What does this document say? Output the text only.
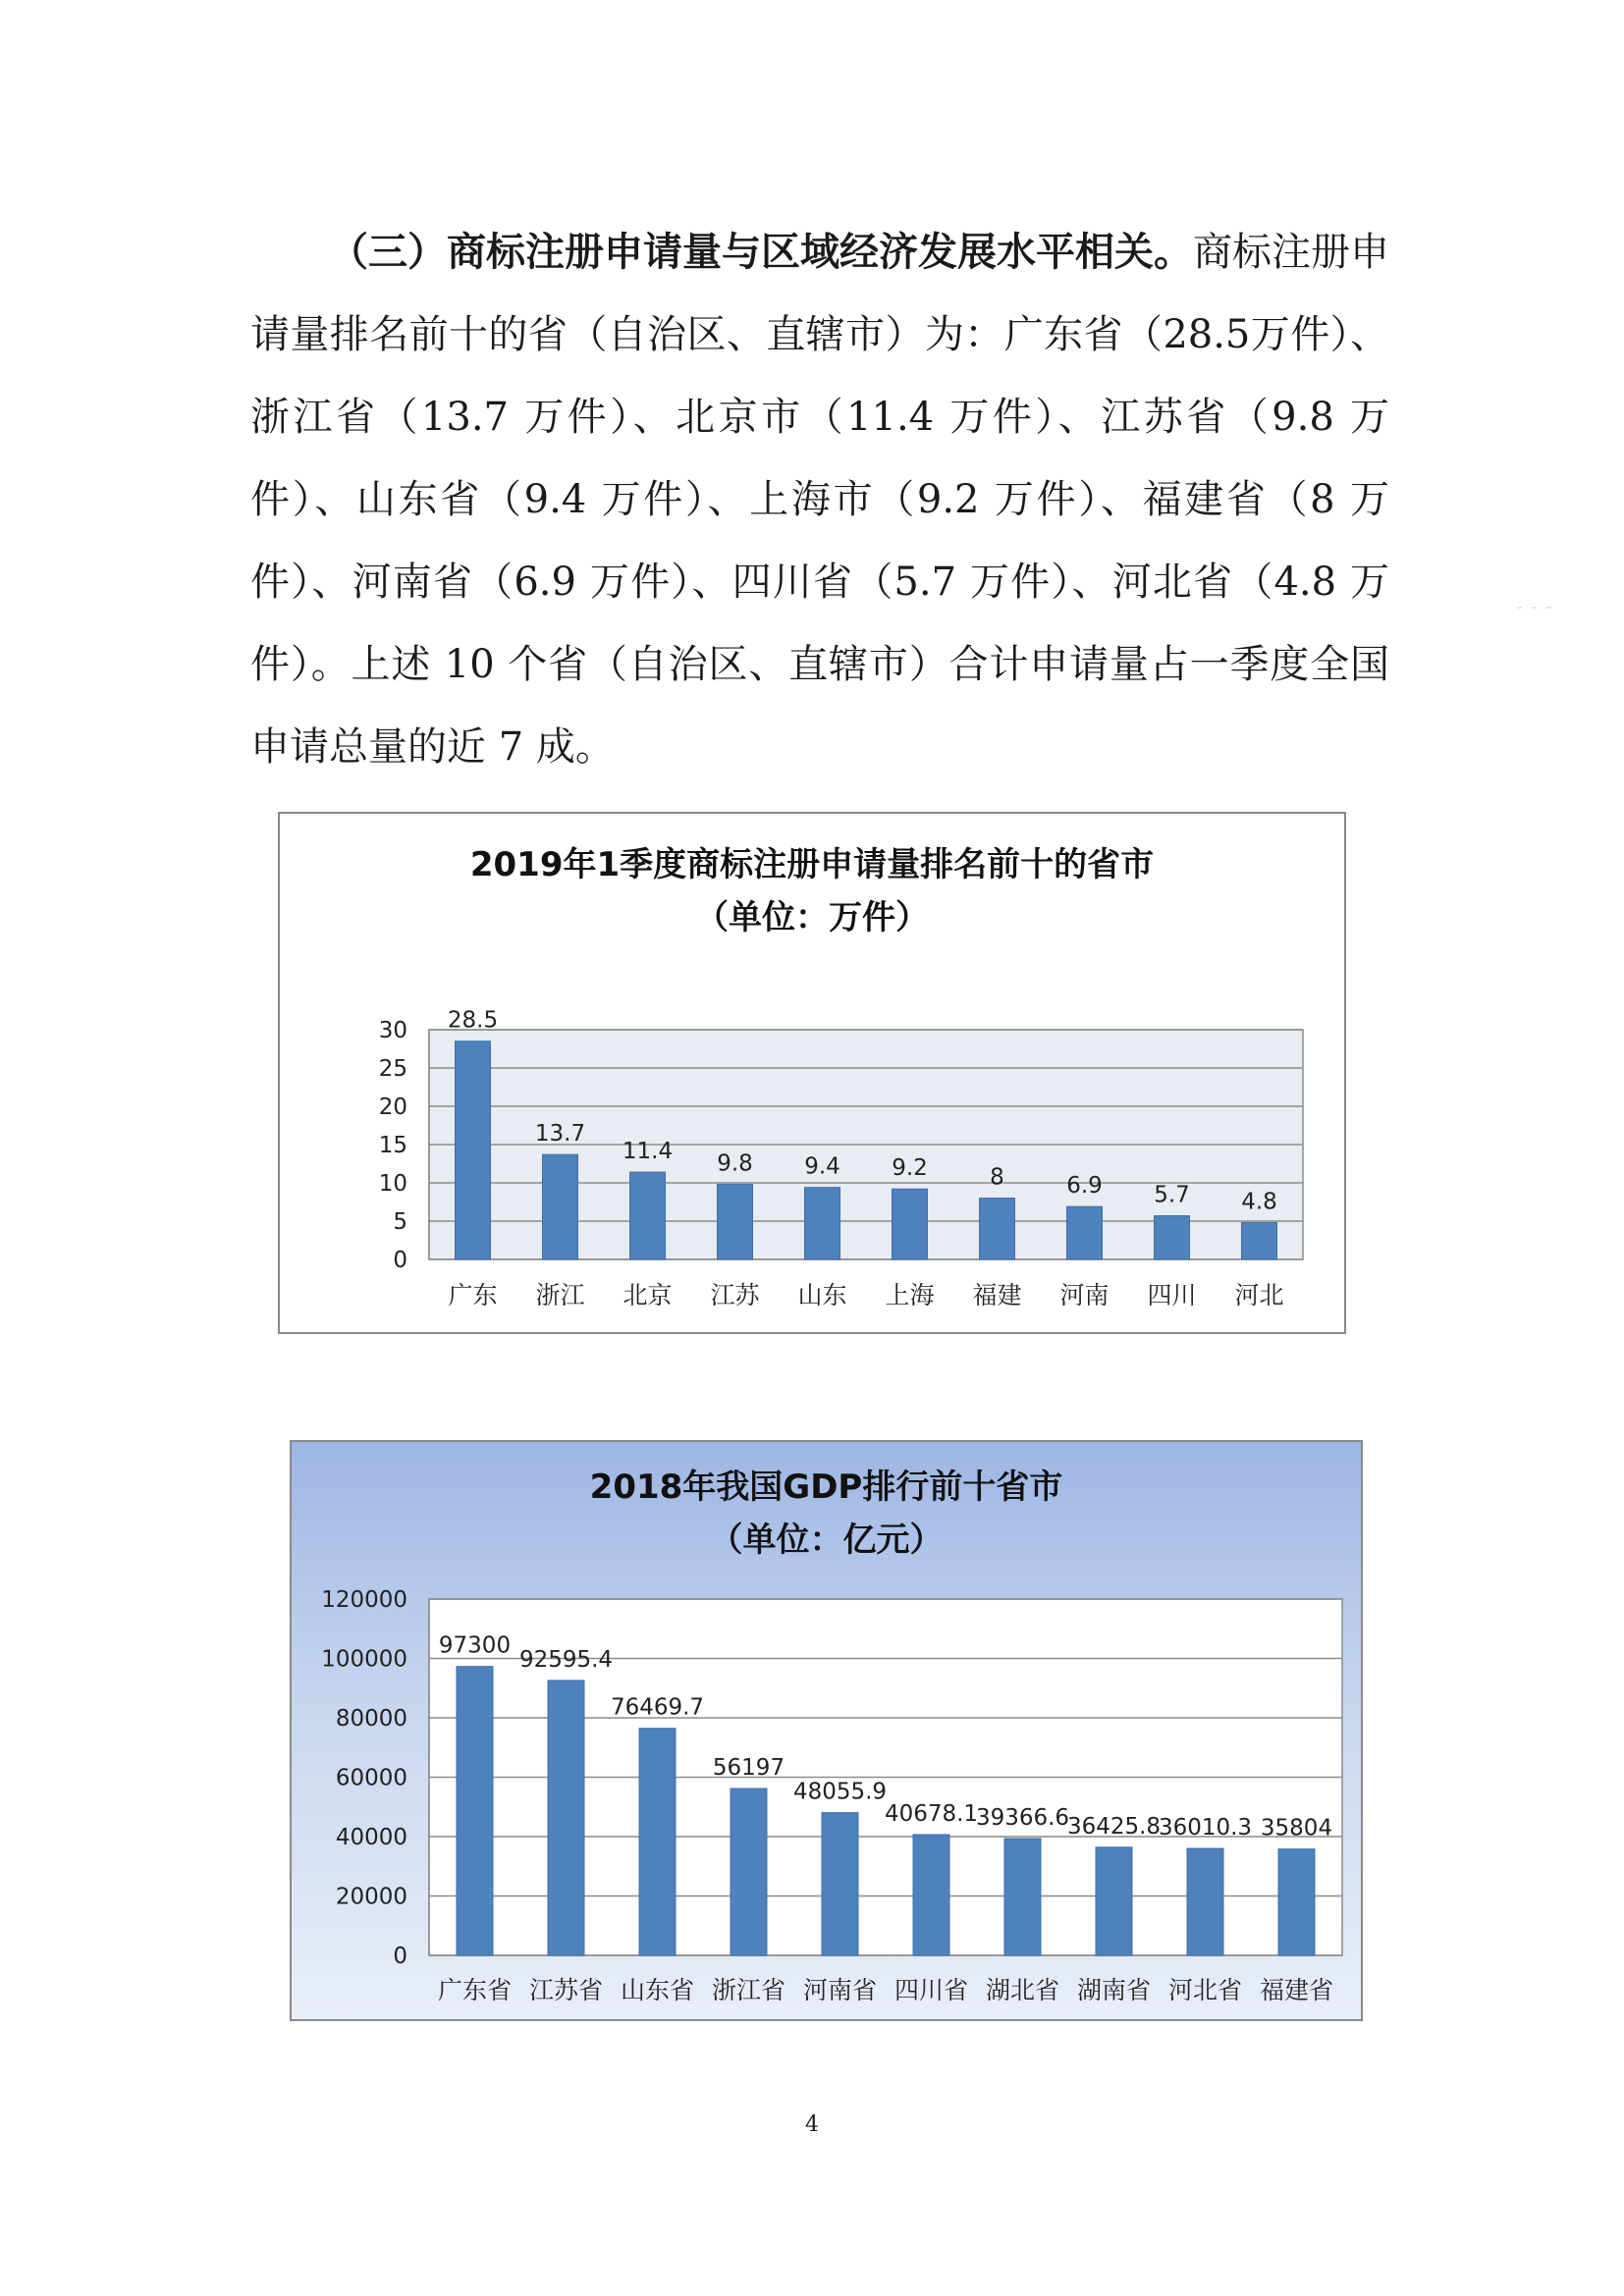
（三）商标注册申请量与区域经济发展水平相关。商标注册申请量排名前十的省（自治区、直辖市）为：广东省（28.5万件）、浙江省（13.7 万件）、北京市（11.4 万件）、江苏省（9.8 万件）、山东省（9.4 万件）、上海市（9.2 万件）、福建省（8 万件）、河南省（6.9 万件）、四川省（5.7 万件）、河北省（4.8 万件）。上述 10 个省（自治区、直辖市）合计申请量占一季度全国申请总量的近 7 成。

2019年1季度商标注册申请量排名前十的省市
（单位：万件）
0
5
10
15
20
25
30 28.5
广东
13.7
浙江
11.4
北京
9.8
江苏
9.4
山东
9.2
上海
8
福建
6.9
河南
5.7
四川
4.8
河北
2018年我国GDP排行前十省市
（单位：亿元）
0
20000
40000
60000
80000
100000
120000
97300
广东省
92595.4
江苏省
76469.7
山东省
56197
浙江省
48055.9
河南省
40678.1
四川省
39366.6
湖北省
36425.8
湖南省
36010.3
河北省
35804
福建省
4
